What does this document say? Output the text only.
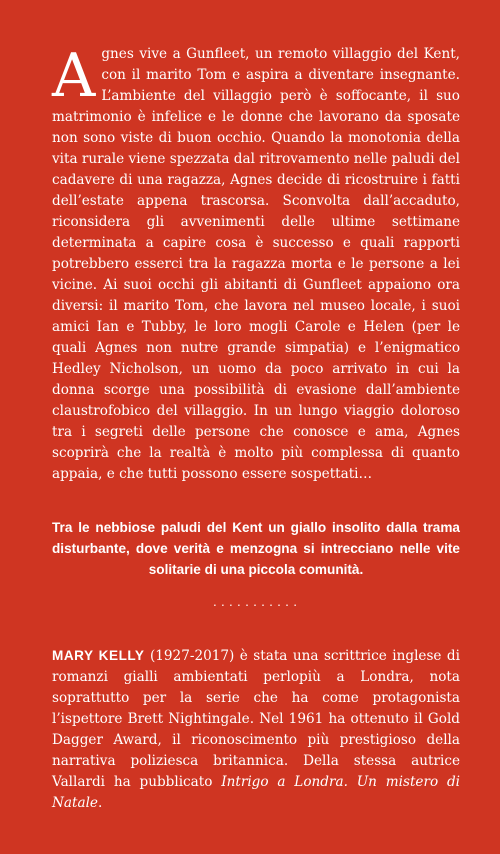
Agnes vive a Gunfleet, un remoto villaggio del Kent, con il marito Tom e aspira a diventare insegnante. L’ambiente del villaggio però è soffocante, il suo matrimonio è infelice e le donne che lavorano da sposate non sono viste di buon occhio. Quando la monotonia della vita rurale viene spezzata dal ritrovamento nelle paludi del cadavere di una ragazza, Agnes decide di ricostruire i fatti dell’estate appena trascorsa. Sconvolta dall’accaduto, riconsidera gli avvenimenti delle ultime settimane determinata a capire cosa è successo e quali rapporti potrebbero esserci tra la ragazza morta e le persone a lei vicine. Ai suoi occhi gli abitanti di Gunfleet appaiono ora diversi: il marito Tom, che lavora nel museo locale, i suoi amici Ian e Tubby, le loro mogli Carole e Helen (per le quali Agnes non nutre grande simpatia) e l’enigmatico Hedley Nicholson, un uomo da poco arrivato in cui la donna scorge una possibilità di evasione dall’ambiente claustrofobico del villaggio. In un lungo viaggio doloroso tra i segreti delle persone che conosce e ama, Agnes scoprirà che la realtà è molto più complessa di quanto appaia, e che tutti possono essere sospettati…

Tra le nebbiose paludi del Kent un giallo insolito dalla trama disturbante, dove verità e menzogna si intrecciano nelle vite solitarie di una piccola comunità.

...........

MARY KELLY (1927-2017) è stata una scrittrice inglese di romanzi gialli ambientati perlopiù a Londra, nota soprattutto per la serie che ha come protagonista l’ispettore Brett Nightingale. Nel 1961 ha ottenuto il Gold Dagger Award, il riconoscimento più prestigioso della narrativa poliziesca britannica. Della stessa autrice Vallardi ha pubblicato Intrigo a Londra. Un mistero di Natale.
